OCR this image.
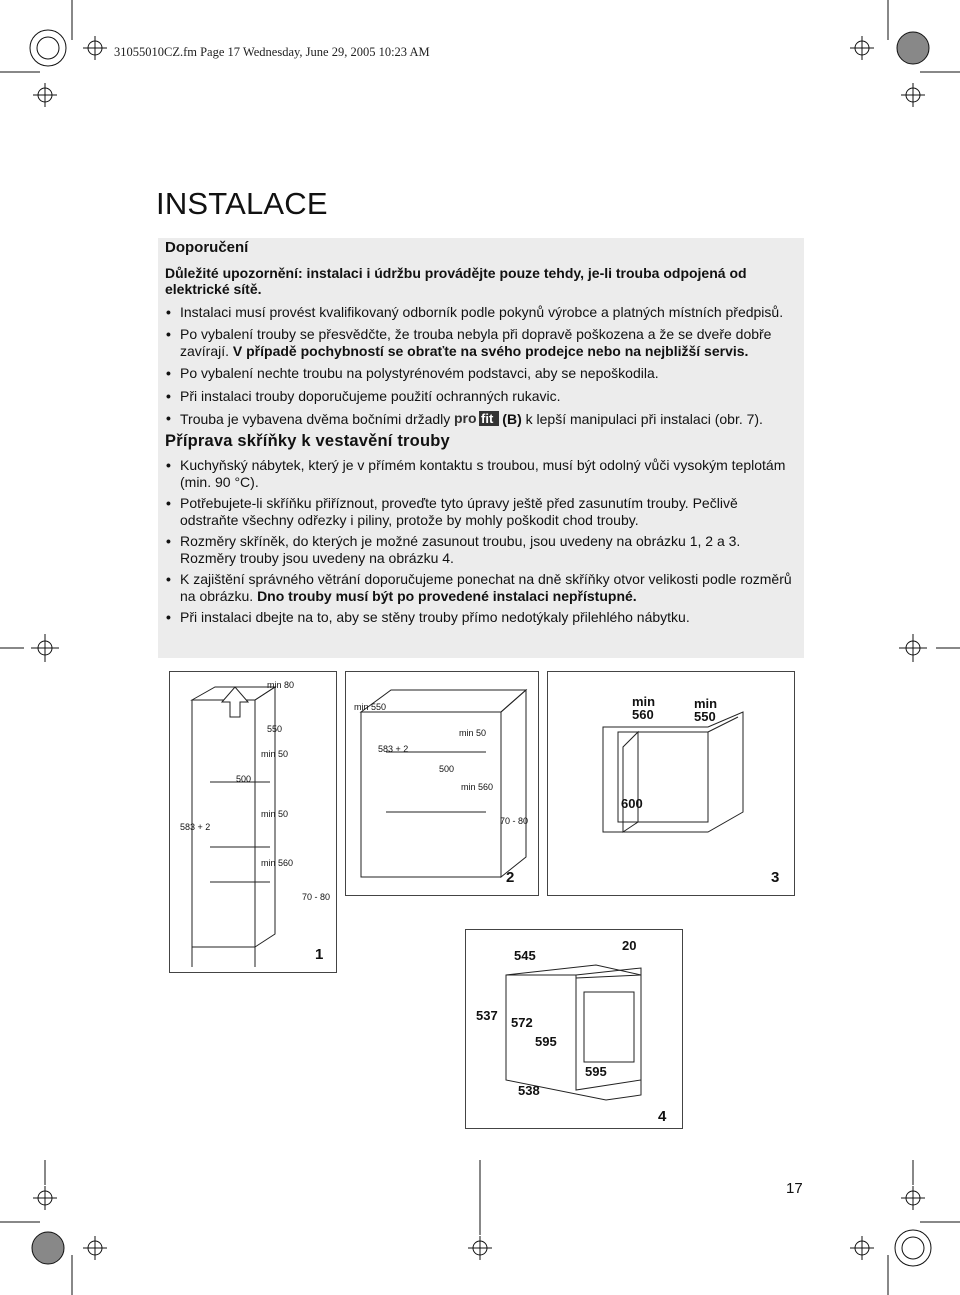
31055010CZ.fm Page 17 Wednesday, June 29, 2005 10:23 AM
INSTALACE
Doporučení
Důležité upozornění: instalaci i údržbu provádějte pouze tehdy, je-li trouba odpojená od elektrické sítě.
• Instalaci musí provést kvalifikovaný odborník podle pokynů výrobce a platných místních předpisů.
• Po vybalení trouby se přesvědčte, že trouba nebyla při dopravě poškozena a že se dveře dobře zavírají. V případě pochybností se obraťte na svého prodejce nebo na nejbližší servis.
• Po vybalení nechte troubu na polystyrénovém podstavci, aby se nepoškodila.
• Při instalaci trouby doporučujeme použití ochranných rukavic.
• Trouba je vybavena dvěma bočními držadly pro fit (B) k lepší manipulaci při instalaci (obr. 7).
Příprava skříňky k vestavění trouby
• Kuchyňský nábytek, který je v přímém kontaktu s troubou, musí být odolný vůči vysokým teplotám (min. 90 °C).
• Potřebujete-li skříňku přiříznout, proveďte tyto úpravy ještě před zasunutím trouby. Pečlivě odstraňte všechny odřezky i piliny, protože by mohly poškodit chod trouby.
• Rozměry skříněk, do kterých je možné zasunout troubu, jsou uvedeny na obrázku 1, 2 a 3. Rozměry trouby jsou uvedeny na obrázku 4.
• K zajištění správného větrání doporučujeme ponechat na dně skříňky otvor velikosti podle rozměrů na obrázku. Dno trouby musí být po provedené instalaci nepřístupné.
• Při instalaci dbejte na to, aby se stěny trouby přímo nedotýkaly přilehlého nábytku.
min 80
550
min 50
500
min 50
583 + 2
min 560
70 - 80
1
min 550
min 50
583 + 2
500
min 560
70 - 80
2
min
560
min
550
600
3
545
20
537 572
595
538
595
4
17
